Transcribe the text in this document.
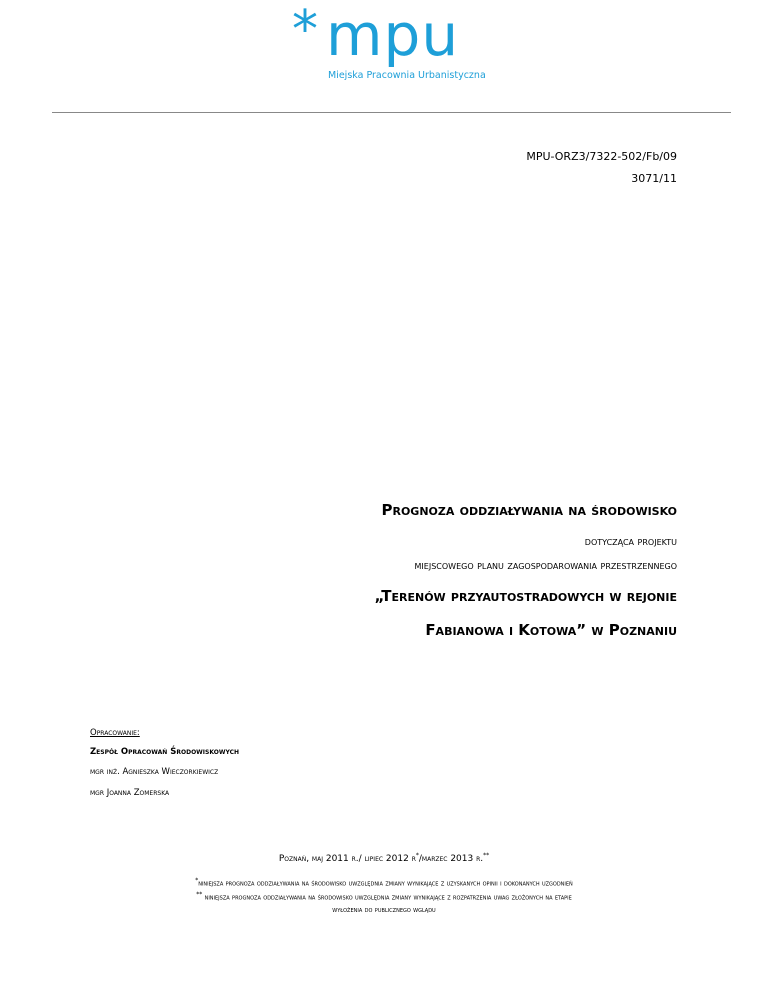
* mpu
Miejska Pracownia Urbanistyczna
MPU-ORZ3/7322-502/Fb/09
3071/11
Prognoza oddziaływania na środowisko
dotycząca projektu
miejscowego planu zagospodarowania przestrzennego
„Terenów przyautostradowych w rejonie
Fabianowa i Kotowa” w Poznaniu
Opracowanie:
Zespół Opracowań Środowiskowych
mgr inż. Agnieszka Wieczorkiewicz
mgr Joanna Zomerska
Poznań, maj 2011 r./ lipiec 2012 r*/marzec 2013 r.**
*niniejsza prognoza oddziaływania na środowisko uwzględnia zmiany wynikające z uzyskanych opinii i dokonanych uzgodnień
** niniejsza prognoza oddziaływania na środowisko uwzględnia zmiany wynikające z rozpatrzenia uwag złożonych na etapie
wyłożenia do publicznego wglądu
